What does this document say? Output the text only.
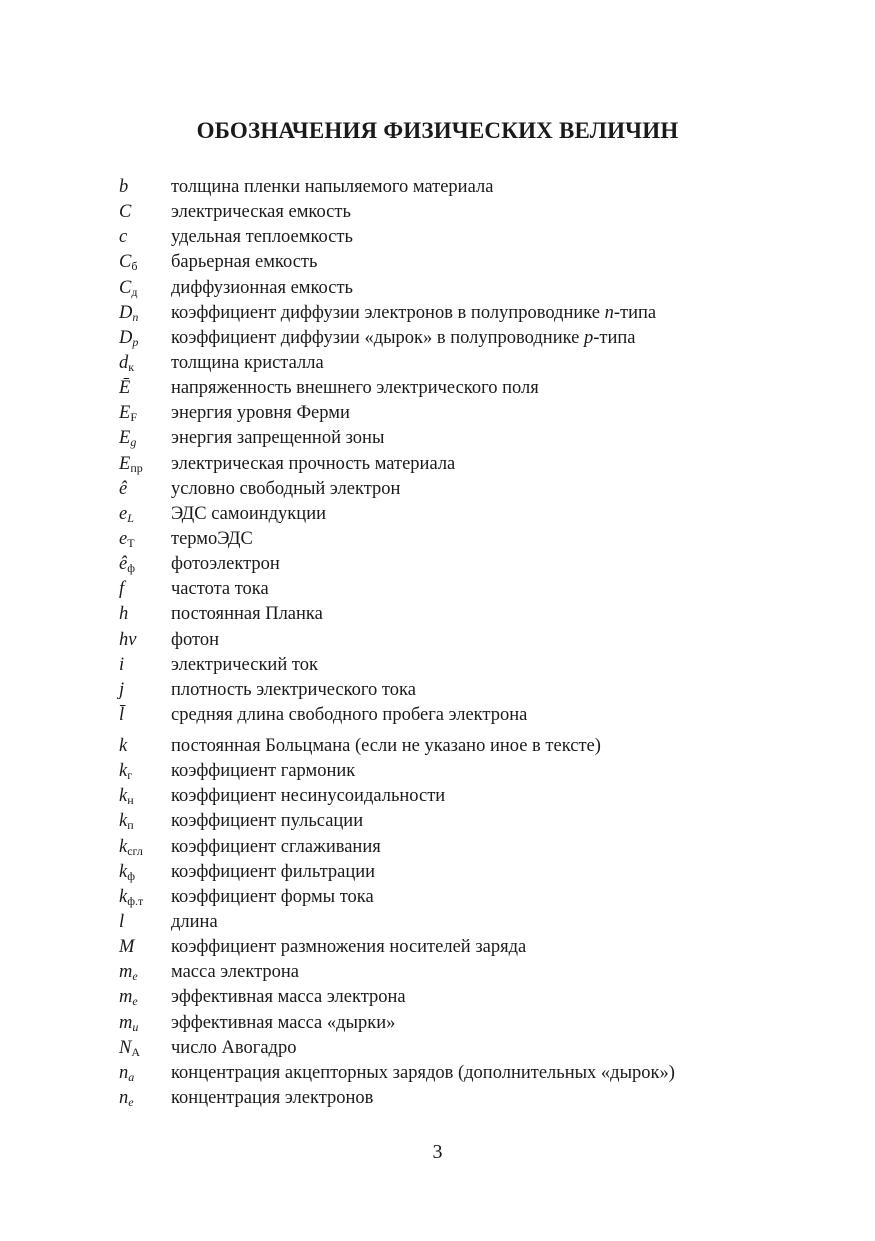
ОБОЗНАЧЕНИЯ ФИЗИЧЕСКИХ ВЕЛИЧИН
b	толщина пленки напыляемого материала
C	электрическая емкость
c	удельная теплоемкость
$C_б$	барьерная емкость
$C_д$	диффузионная емкость
$D_n$	коэффициент диффузии электронов в полупроводнике n-типа
$D_p$	коэффициент диффузии «дырок» в полупроводнике p-типа
$d_к$	толщина кристалла
Ē	напряженность внешнего электрического поля
$E_F$	энергия уровня Ферми
$E_g$	энергия запрещенной зоны
$E_{пр}$	электрическая прочность материала
ê	условно свободный электрон
$e_L$	ЭДС самоиндукции
$e_T$	термоЭДС
$ê_ф$	фотоэлектрон
f	частота тока
h	постоянная Планка
hν	фотон
i	электрический ток
j	плотность электрического тока
l̄	средняя длина свободного пробега электрона
k	постоянная Больцмана (если не указано иное в тексте)
$k_г$	коэффициент гармоник
$k_н$	коэффициент несинусоидальности
$k_п$	коэффициент пульсации
$k_{сгл}$	коэффициент сглаживания
$k_ф$	коэффициент фильтрации
$k_{ф.т}$	коэффициент формы тока
l	длина
M	коэффициент размножения носителей заряда
$m_e$	масса электрона
$m_e$	эффективная масса электрона
$m_u$	эффективная масса «дырки»
$N_A$	число Авогадро
$n_a$	концентрация акцепторных зарядов (дополнительных «дырок»)
$n_e$	концентрация электронов
3
